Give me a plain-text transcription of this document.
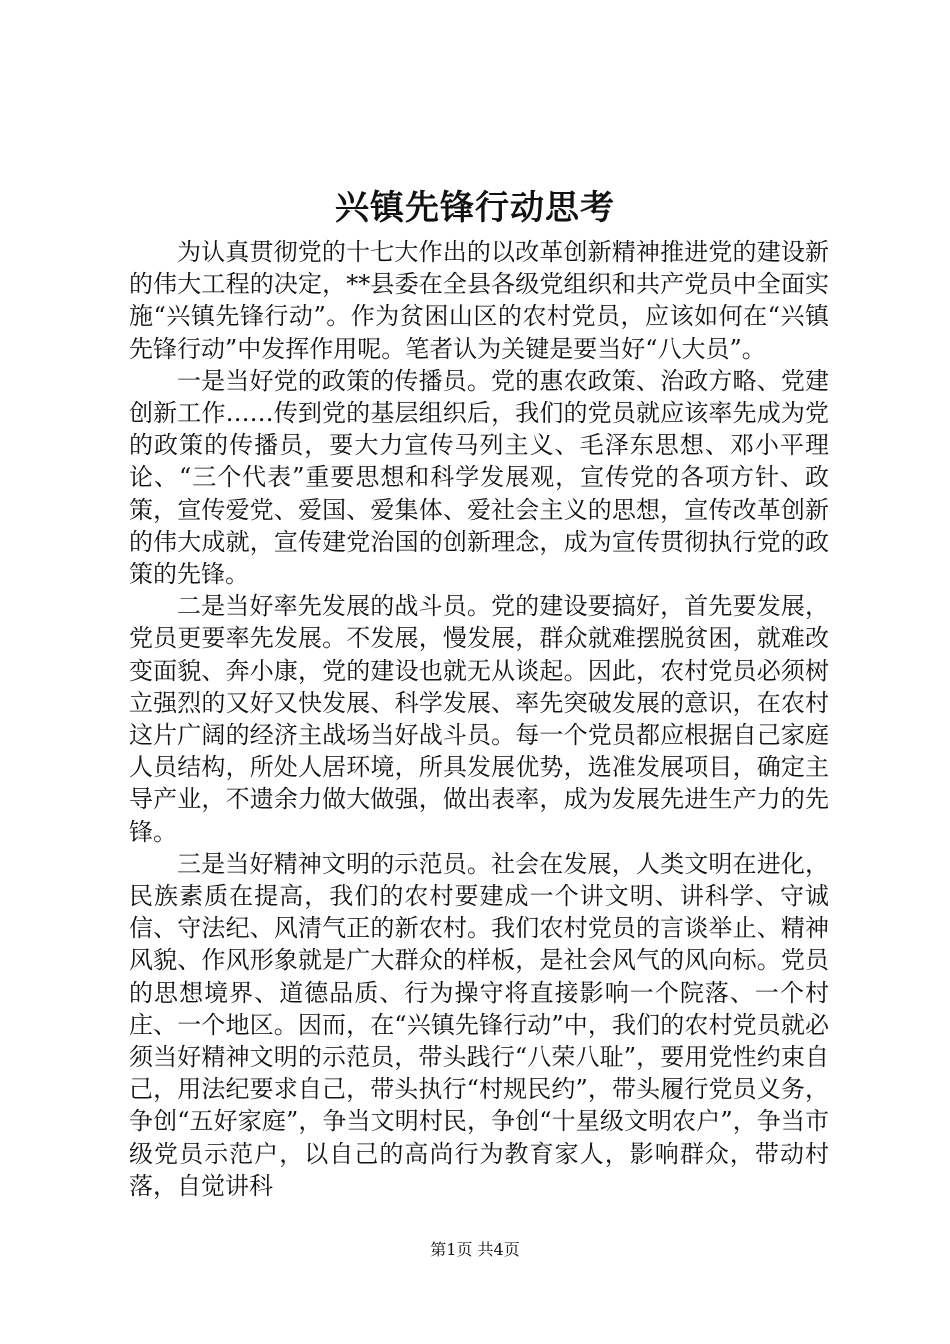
兴镇先锋行动思考

为认真贯彻党的十七大作出的以改革创新精神推进党的建设新的伟大工程的决定，**县委在全县各级党组织和共产党员中全面实施“兴镇先锋行动”。作为贫困山区的农村党员，应该如何在“兴镇先锋行动”中发挥作用呢。笔者认为关键是要当好“八大员”。

一是当好党的政策的传播员。党的惠农政策、治政方略、党建创新工作……传到党的基层组织后，我们的党员就应该率先成为党的政策的传播员，要大力宣传马列主义、毛泽东思想、邓小平理论、“三个代表”重要思想和科学发展观，宣传党的各项方针、政策，宣传爱党、爱国、爱集体、爱社会主义的思想，宣传改革创新的伟大成就，宣传建党治国的创新理念，成为宣传贯彻执行党的政策的先锋。

二是当好率先发展的战斗员。党的建设要搞好，首先要发展，党员更要率先发展。不发展，慢发展，群众就难摆脱贫困，就难改变面貌、奔小康，党的建设也就无从谈起。因此，农村党员必须树立强烈的又好又快发展、科学发展、率先突破发展的意识，在农村这片广阔的经济主战场当好战斗员。每一个党员都应根据自己家庭人员结构，所处人居环境，所具发展优势，选准发展项目，确定主导产业，不遗余力做大做强，做出表率，成为发展先进生产力的先锋。

三是当好精神文明的示范员。社会在发展，人类文明在进化，民族素质在提高，我们的农村要建成一个讲文明、讲科学、守诚信、守法纪、风清气正的新农村。我们农村党员的言谈举止、精神风貌、作风形象就是广大群众的样板，是社会风气的风向标。党员的思想境界、道德品质、行为操守将直接影响一个院落、一个村庄、一个地区。因而，在“兴镇先锋行动”中，我们的农村党员就必须当好精神文明的示范员，带头践行“八荣八耻”，要用党性约束自己，用法纪要求自己，带头执行“村规民约”，带头履行党员义务，争创“五好家庭”，争当文明村民，争创“十星级文明农户”，争当市级党员示范户，以自己的高尚行为教育家人，影响群众，带动村落，自觉讲科

第1页 共4页
